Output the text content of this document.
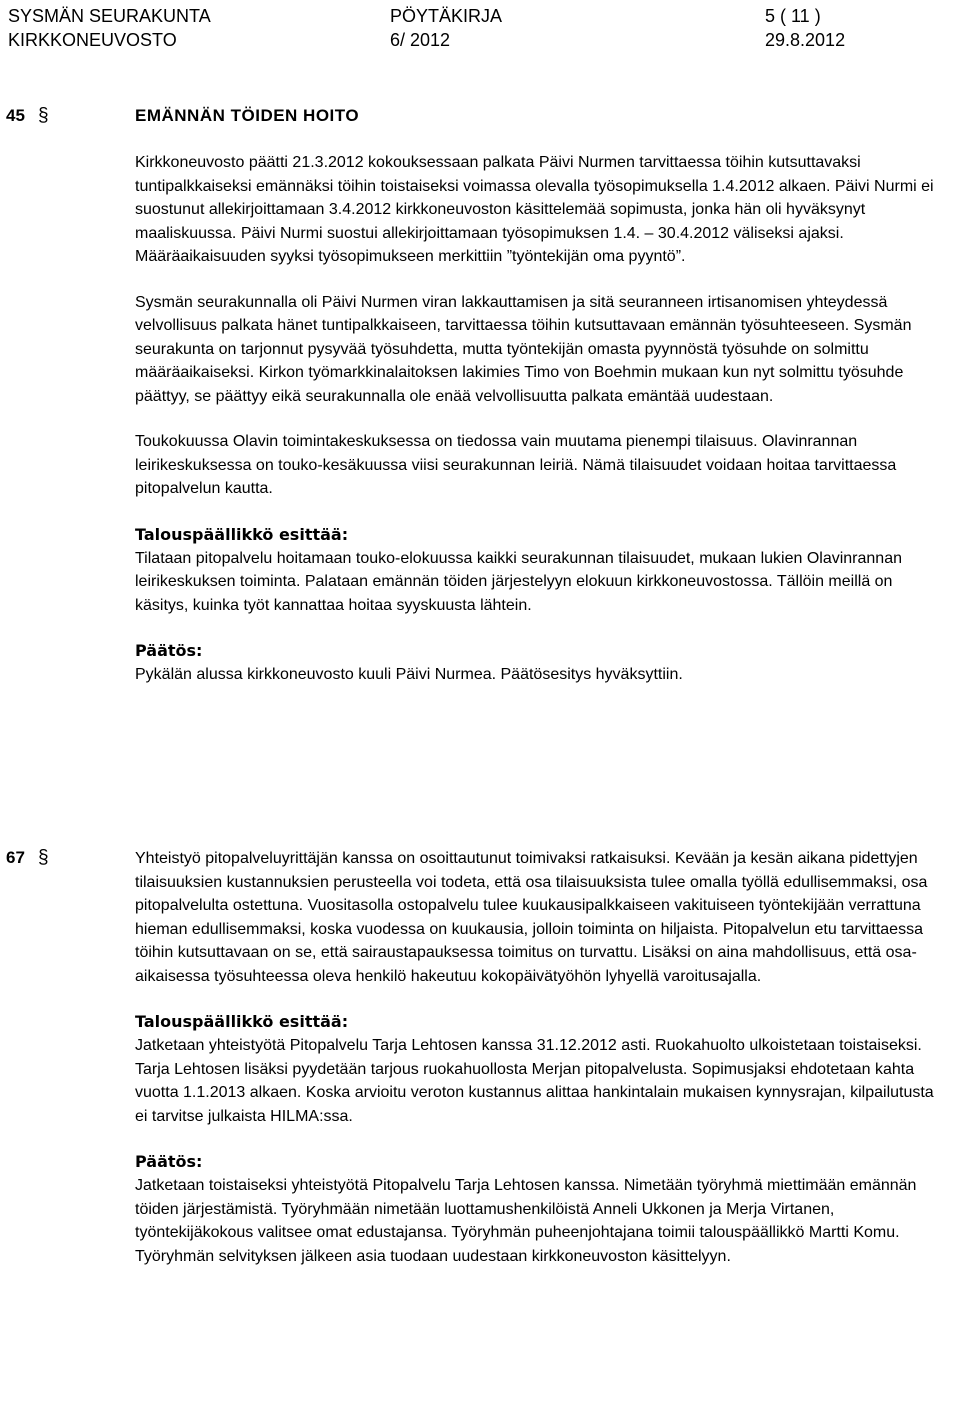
SYSMÄN SEURAKUNTA	PÖYTÄKIRJA	5 ( 11 )
KIRKKONEUVOSTO	6/ 2012	29.8.2012
45 §	EMÄNNÄN TÖIDEN HOITO

Kirkkoneuvosto päätti 21.3.2012 kokouksessaan palkata Päivi Nurmen tarvittaessa töihin kutsuttavaksi tuntipalkkaiseksi emännäksi töihin toistaiseksi voimassa olevalla työsopimuksella 1.4.2012 alkaen. Päivi Nurmi ei suostunut allekirjoittamaan 3.4.2012 kirkkoneuvoston käsittelemää sopimusta, jonka hän oli hyväksynyt maaliskuussa. Päivi Nurmi suostui allekirjoittamaan työsopimuksen 1.4. – 30.4.2012 väliseksi ajaksi. Määräaikaisuuden syyksi työsopimukseen merkittiin ”työntekijän oma pyyntö”.

Sysmän seurakunnalla oli Päivi Nurmen viran lakkauttamisen ja sitä seuranneen irtisanomisen yhteydessä velvollisuus palkata hänet tuntipalkkaiseen, tarvittaessa töihin kutsuttavaan emännän työsuhteeseen. Sysmän seurakunta on tarjonnut pysyvää työsuhdetta, mutta työntekijän omasta pyynnöstä työsuhde on solmittu määräaikaiseksi. Kirkon työmarkkinalaitoksen lakimies Timo von Boehmin mukaan kun nyt solmittu työsuhde päättyy, se päättyy eikä seurakunnalla ole enää velvollisuutta palkata emäntää uudestaan.

Toukokuussa Olavin toimintakeskuksessa on tiedossa vain muutama pienempi tilaisuus. Olavinrannan leirikeskuksessa on touko-kesäkuussa viisi seurakunnan leiriä. Nämä tilaisuudet voidaan hoitaa tarvittaessa pitopalvelun kautta.

Talouspäällikkö esittää:

Tilataan pitopalvelu hoitamaan touko-elokuussa kaikki seurakunnan tilaisuudet, mukaan lukien Olavinrannan leirikeskuksen toiminta. Palataan emännän töiden järjestelyyn elokuun kirkkoneuvostossa. Tällöin meillä on käsitys, kuinka työt kannattaa hoitaa syyskuusta lähtein.

Päätös:

Pykälän alussa kirkkoneuvosto kuuli Päivi Nurmea. Päätösesitys hyväksyttiin.

67 §	Yhteistyö pitopalveluyrittäjän kanssa on osoittautunut toimivaksi ratkaisuksi. Kevään ja kesän aikana pidettyjen tilaisuuksien kustannuksien perusteella voi todeta, että osa tilaisuuksista tulee omalla työllä edullisemmaksi, osa pitopalvelulta ostettuna. Vuositasolla ostopalvelu tulee kuukausipalkkaiseen vakituiseen työntekijään verrattuna hieman edullisemmaksi, koska vuodessa on kuukausia, jolloin toiminta on hiljaista. Pitopalvelun etu tarvittaessa töihin kutsuttavaan on se, että sairaustapauksessa toimitus on turvattu. Lisäksi on aina mahdollisuus, että osa-aikaisessa työsuhteessa oleva henkilö hakeutuu kokopäivätyöhön lyhyellä varoitusajalla.

Talouspäällikkö esittää:

Jatketaan yhteistyötä Pitopalvelu Tarja Lehtosen kanssa 31.12.2012 asti. Ruokahuolto ulkoistetaan toistaiseksi. Tarja Lehtosen lisäksi pyydetään tarjous ruokahuollosta Merjan pitopalvelusta. Sopimusjaksi ehdotetaan kahta vuotta 1.1.2013 alkaen. Koska arvioitu veroton kustannus alittaa hankintalain mukaisen kynnysrajan, kilpailutusta ei tarvitse julkaista HILMA:ssa.

Päätös:

Jatketaan toistaiseksi yhteistyötä Pitopalvelu Tarja Lehtosen kanssa. Nimetään työryhmä miettimään emännän töiden järjestämistä. Työryhmään nimetään luottamushenkilöistä Anneli Ukkonen ja Merja Virtanen, työntekijäkokous valitsee omat edustajansa. Työryhmän puheenjohtajana toimii talouspäällikkö Martti Komu. Työryhmän selvityksen jälkeen asia tuodaan uudestaan kirkkoneuvoston käsittelyyn.
